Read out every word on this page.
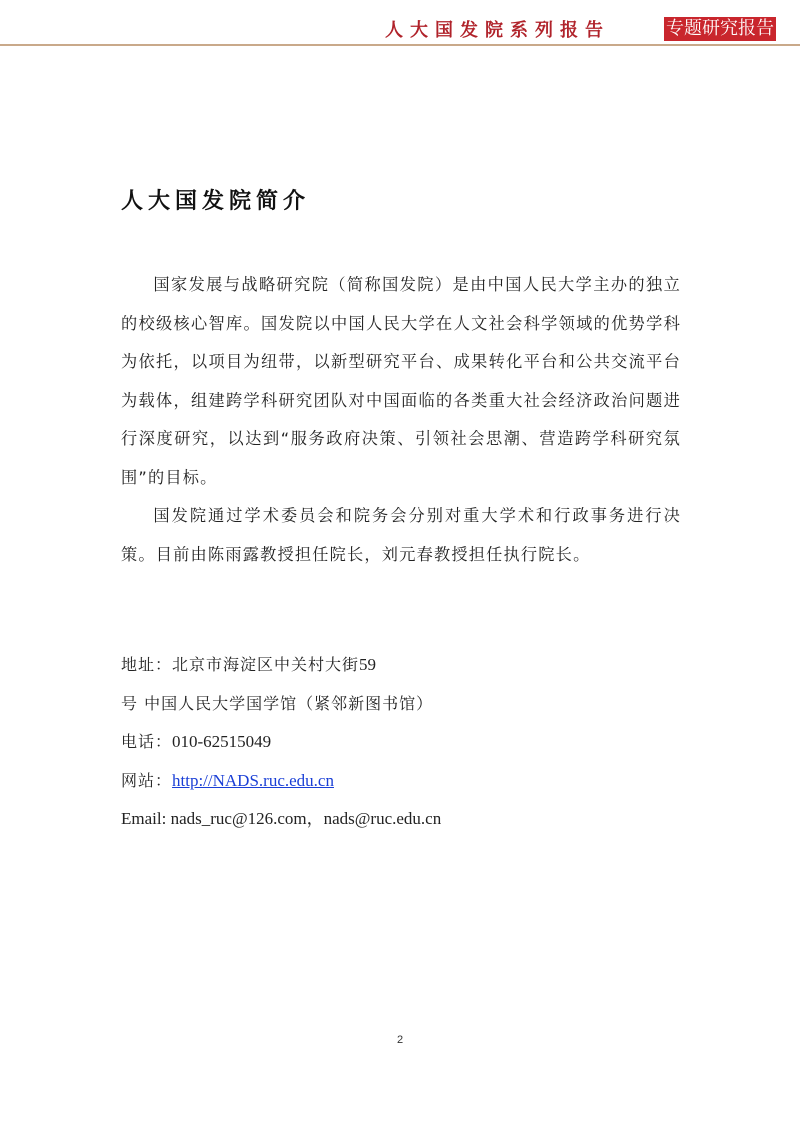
人大国发院系列报告	专题研究报告
人大国发院简介

国家发展与战略研究院（简称国发院）是由中国人民大学主办的独立的校级核心智库。国发院以中国人民大学在人文社会科学领域的优势学科为依托，以项目为纽带，以新型研究平台、成果转化平台和公共交流平台为载体，组建跨学科研究团队对中国面临的各类重大社会经济政治问题进行深度研究，以达到“服务政府决策、引领社会思潮、营造跨学科研究氛围”的目标。

国发院通过学术委员会和院务会分别对重大学术和行政事务进行决策。目前由陈雨露教授担任院长，刘元春教授担任执行院长。

地址：北京市海淀区中关村大街59号 中国人民大学国学馆（紧邻新图书馆）

电话：010-62515049

网站：http://NADS.ruc.edu.cn

Email: nads_ruc@126.com，nads@ruc.edu.cn

2
